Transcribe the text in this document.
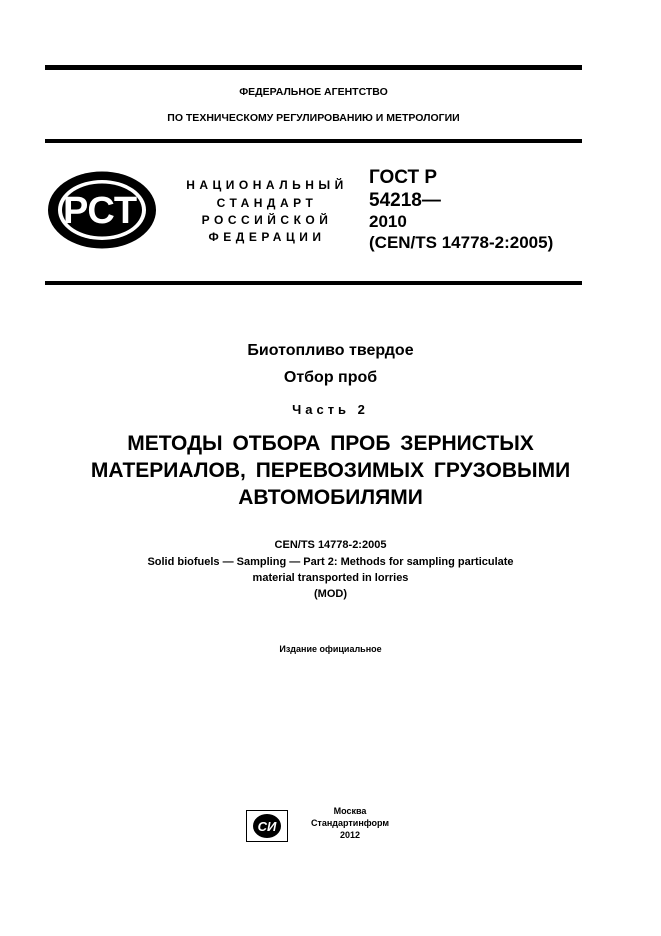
ФЕДЕРАЛЬНОЕ АГЕНТСТВО
ПО ТЕХНИЧЕСКОМУ РЕГУЛИРОВАНИЮ И МЕТРОЛОГИИ
РСТ
НАЦИОНАЛЬНЫЙ
СТАНДАРТ
РОССИЙСКОЙ
ФЕДЕРАЦИИ
ГОСТ Р
54218—
2010
(CEN/TS 14778-2:2005)
Биотопливо твердое
Отбор проб
Часть 2
МЕТОДЫ ОТБОРА ПРОБ ЗЕРНИСТЫХ
МАТЕРИАЛОВ, ПЕРЕВОЗИМЫХ ГРУЗОВЫМИ
АВТОМОБИЛЯМИ
CEN/TS 14778-2:2005
Solid biofuels — Sampling — Part 2: Methods for sampling particulate
material transported in lorries
(MOD)
Издание официальное
СИ
Москва
Стандартинформ
2012
